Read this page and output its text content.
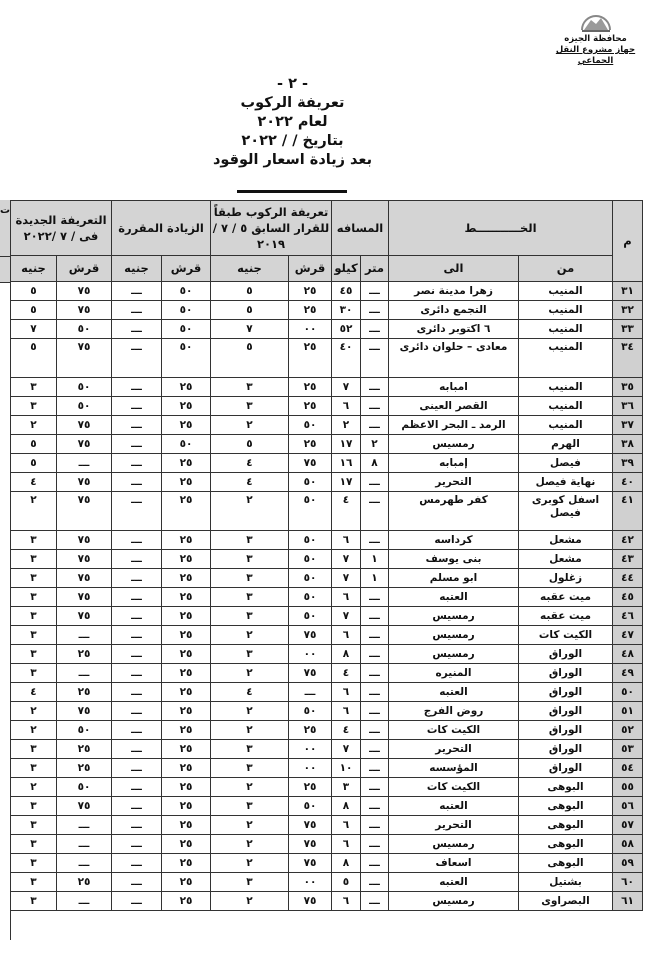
محافظة الجيزه
جهاز مشروع النقل الجماعي
- ٢ -
تعريفة الركوب
لعام ٢٠٢٢
بتاريخ / / ٢٠٢٢
بعد زيادة اسعار الوقود
ت
م	الخـــــــــــط		المسافه		تعريفة الركوب طبقاً للقرار السابق ٥ / ٧ / ٢٠١٩		الزيادة المقررة		التعريفة الجديدة فى / ٧ /٢٠٢٢	
	من	الى	متر	كيلو	قرش	جنيه	قرش	جنيه	قرش	جنيه
٣١	المنيب	زهرا مدينة نصر	ـــ	٤٥	٢٥	٥	٥٠	ـــ	٧٥	٥
٣٢	المنيب	التجمع دائرى	ـــ	٣٠	٢٥	٥	٥٠	ـــ	٧٥	٥
٣٣	المنيب	٦ اكتوبر دائرى	ـــ	٥٢	٠٠	٧	٥٠	ـــ	٥٠	٧
٣٤	المنيب	معادى – حلوان دائرى	ـــ	٤٠	٢٥	٥	٥٠	ـــ	٧٥	٥
٣٥	المنيب	امبابه	ـــ	٧	٢٥	٣	٢٥	ـــ	٥٠	٣
٣٦	المنيب	القصر العينى	ـــ	٦	٢٥	٣	٢٥	ـــ	٥٠	٣
٣٧	المنيب	الرمد ـ البحر الاعظم	ـــ	٢	٥٠	٢	٢٥	ـــ	٧٥	٢
٣٨	الهرم	رمسيس	٢	١٧	٢٥	٥	٥٠	ـــ	٧٥	٥
٣٩	فيصل	إمبابه	٨	١٦	٧٥	٤	٢٥	ـــ	ـــ	٥
٤٠	نهاية فيصل	التحرير	ـــ	١٧	٥٠	٤	٢٥	ـــ	٧٥	٤
٤١	اسفل كوبرى فيصل	كفر طهرمس	ـــ	٤	٥٠	٢	٢٥	ـــ	٧٥	٢
٤٢	مشعل	كرداسه	ـــ	٦	٥٠	٣	٢٥	ـــ	٧٥	٣
٤٣	مشعل	بنى يوسف	١	٧	٥٠	٣	٢٥	ـــ	٧٥	٣
٤٤	زغلول	ابو مسلم	١	٧	٥٠	٣	٢٥	ـــ	٧٥	٣
٤٥	ميت عقبه	العتبه	ـــ	٦	٥٠	٣	٢٥	ـــ	٧٥	٣
٤٦	ميت عقبه	رمسيس	ـــ	٧	٥٠	٣	٢٥	ـــ	٧٥	٣
٤٧	الكيت كات	رمسيس	ـــ	٦	٧٥	٢	٢٥	ـــ	ـــ	٣
٤٨	الوراق	رمسيس	ـــ	٨	٠٠	٣	٢٥	ـــ	٢٥	٣
٤٩	الوراق	المنيره	ـــ	٤	٧٥	٢	٢٥	ـــ	ـــ	٣
٥٠	الوراق	العتبه	ـــ	٦	ـــ	٤	٢٥	ـــ	٢٥	٤
٥١	الوراق	روض الفرج	ـــ	٦	٥٠	٢	٢٥	ـــ	٧٥	٢
٥٢	الوراق	الكيت كات	ـــ	٤	٢٥	٢	٢٥	ـــ	٥٠	٢
٥٣	الوراق	التحرير	ـــ	٧	٠٠	٣	٢٥	ـــ	٢٥	٣
٥٤	الوراق	المؤسسه	ـــ	١٠	٠٠	٣	٢٥	ـــ	٢٥	٣
٥٥	البوهى	الكيت كات	ـــ	٣	٢٥	٢	٢٥	ـــ	٥٠	٢
٥٦	البوهى	العتبه	ـــ	٨	٥٠	٣	٢٥	ـــ	٧٥	٣
٥٧	البوهى	التحرير	ـــ	٦	٧٥	٢	٢٥	ـــ	ـــ	٣
٥٨	البوهى	رمسيس	ـــ	٦	٧٥	٢	٢٥	ـــ	ـــ	٣
٥٩	البوهى	اسعاف	ـــ	٨	٧٥	٢	٢٥	ـــ	ـــ	٣
٦٠	بشتيل	العتبه	ـــ	٥	٠٠	٣	٢٥	ـــ	٢٥	٣
٦١	البصراوى	رمسيس	ـــ	٦	٧٥	٢	٢٥	ـــ	ـــ	٣
